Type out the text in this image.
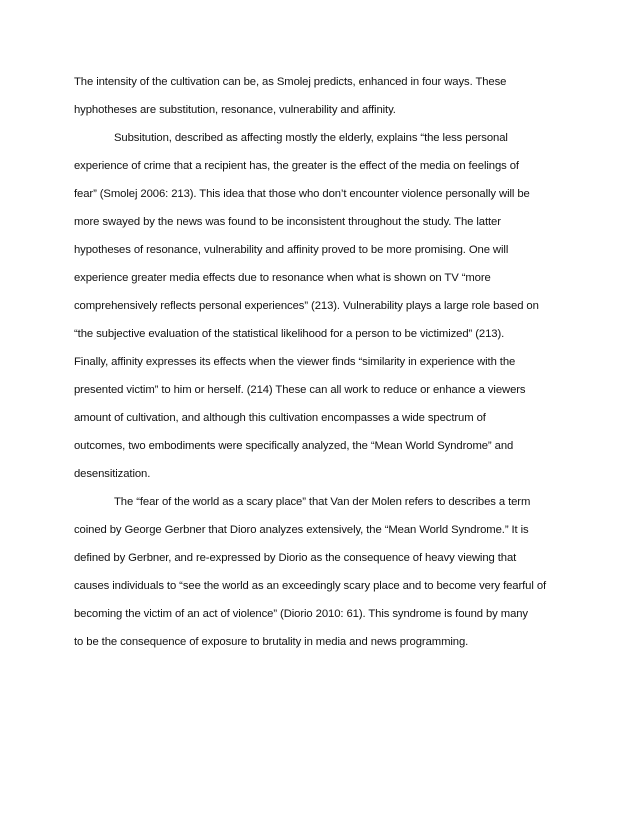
The intensity of the cultivation can be, as Smolej predicts, enhanced in four ways. These
hyphotheses are substitution, resonance, vulnerability and affinity.
Subsitution, described as affecting mostly the elderly, explains “the less personal
experience of crime that a recipient has, the greater is the effect of the media on feelings of
fear” (Smolej 2006: 213). This idea that those who don’t encounter violence personally will be
more swayed by the news was found to be inconsistent throughout the study. The latter
hypotheses of resonance, vulnerability and affinity proved to be more promising. One will
experience greater media effects due to resonance when what is shown on TV “more
comprehensively reflects personal experiences” (213). Vulnerability plays a large role based on
“the subjective evaluation of the statistical likelihood for a person to be victimized” (213).
Finally, affinity expresses its effects when the viewer finds “similarity in experience with the
presented victim” to him or herself. (214) These can all work to reduce or enhance a viewers
amount of cultivation, and although this cultivation encompasses a wide spectrum of
outcomes, two embodiments were specifically analyzed, the “Mean World Syndrome” and
desensitization.
The “fear of the world as a scary place” that Van der Molen refers to describes a term
coined by George Gerbner that Dioro analyzes extensively, the “Mean World Syndrome.” It is
defined by Gerbner, and re-expressed by Diorio as the consequence of heavy viewing that
causes individuals to “see the world as an exceedingly scary place and to become very fearful of
becoming the victim of an act of violence” (Diorio 2010: 61). This syndrome is found by many
to be the consequence of exposure to brutality in media and news programming.
